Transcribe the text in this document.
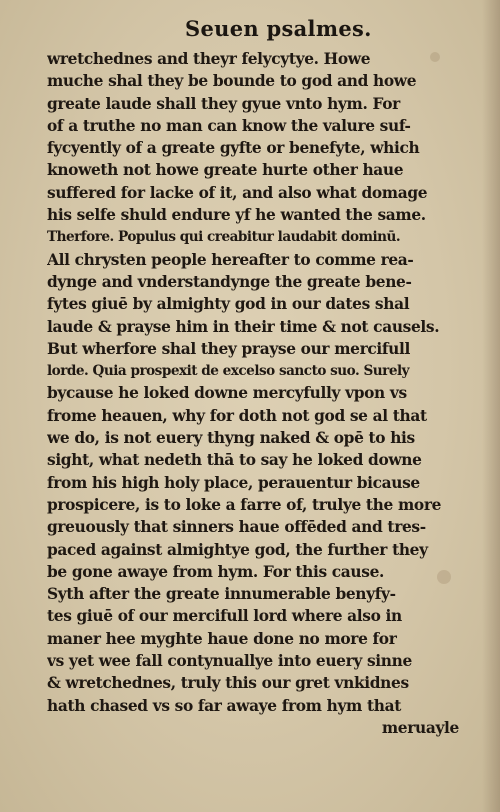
Seuen psalmes.
wretchednes and theyr felycytye. Howe
muche shal they be bounde to god and howe
greate laude shall they gyue vnto hym. For
of a truthe no man can know the valure suf-
fycyently of a greate gyfte or benefyte, which
knoweth not howe greate hurte other haue
suffered for lacke of it, and also what domage
his selfe shuld endure yf he wanted the same.
Therfore. Populus qui creabitur laudabit dominū.
All chrysten people hereafter to comme rea-
dynge and vnderstandynge the greate bene-
fytes giuē by almighty god in our dates shal
laude & prayse him in their time & not causels.
But wherfore shal they prayse our mercifull
lorde. Quia prospexit de excelso sancto suo. Surely
bycause he loked downe mercyfully vpon vs
frome heauen, why for doth not god se al that
we do, is not euery thyng naked & opē to his
sight, what nedeth thā to say he loked downe
from his high holy place, perauentur bicause
prospicere, is to loke a farre of, trulye the more
greuously that sinners haue offēded and tres-
paced against almightye god, the further they
be gone awaye from hym. For this cause.
Syth after the greate innumerable benyfy-
tes giuē of our mercifull lord where also in
maner hee myghte haue done no more for
vs yet wee fall contynuallye into euery sinne
& wretchednes, truly this our gret vnkidnes
hath chased vs so far awaye from hym that
meruayle
